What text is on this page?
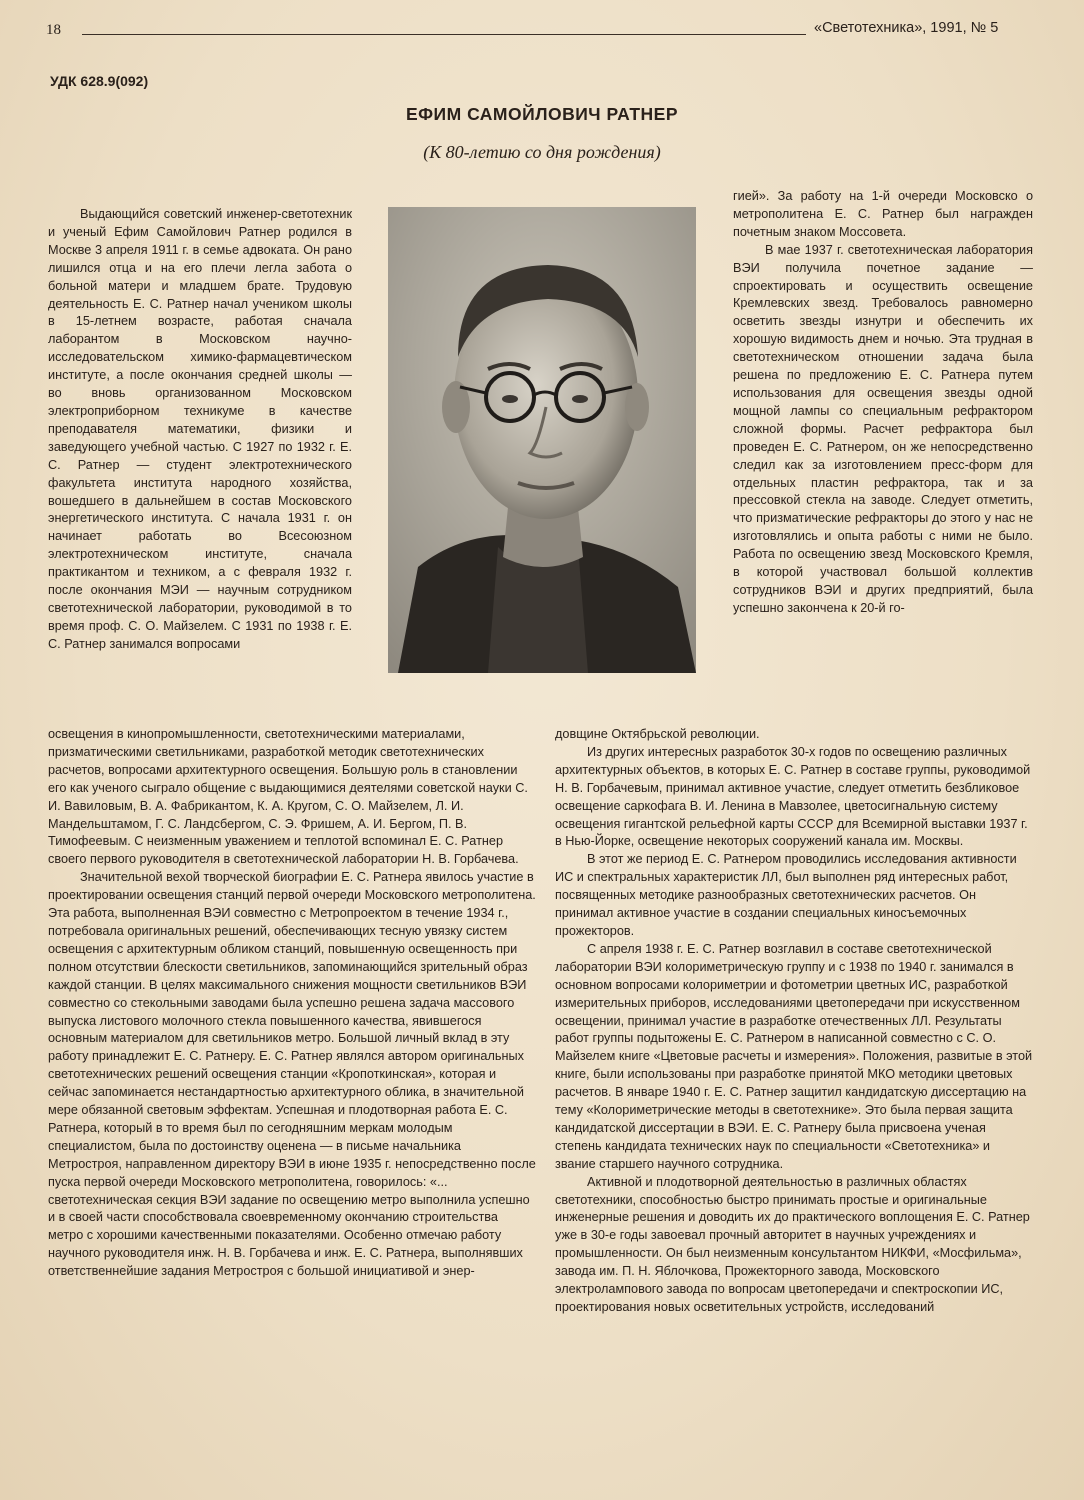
18	«Светотехника», 1991, № 5
УДК 628.9(092)
ЕФИМ САМОЙЛОВИЧ РАТНЕР
(К 80-летию со дня рождения)

Выдающийся советский инженер-светотехник и ученый Ефим Самойлович Ратнер родился в Москве 3 апреля 1911 г. в семье адвоката. Он рано лишился отца и на его плечи легла забота о больной матери и младшем брате. Трудовую деятельность Е. С. Ратнер начал учеником школы в 15-летнем возрасте, работая сначала лаборантом в Московском научно-исследовательском химико-фармацевтическом институте, а после окончания средней школы — во вновь организованном Московском электроприборном техникуме в качестве преподавателя математики, физики и заведующего учебной частью. С 1927 по 1932 г. Е. С. Ратнер — студент электротехнического факультета института народного хозяйства, вошедшего в дальнейшем в состав Московского энергетического института. С начала 1931 г. он начинает работать во Всесоюзном электротехническом институте, сначала практикантом и техником, а с февраля 1932 г. после окончания МЭИ — научным сотрудником светотехнической лаборатории, руководимой в то время проф. С. О. Майзелем. С 1931 по 1938 г. Е. С. Ратнер занимался вопросами

гией». За работу на 1-й очереди Московско о метрополитена Е. С. Ратнер был награжден почетным знаком Моссовета.

В мае 1937 г. светотехническая лаборатория ВЭИ получила почетное задание — спроектировать и осуществить освещение Кремлевских звезд. Требовалось равномерно осветить звезды изнутри и обеспечить их хорошую видимость днем и ночью. Эта трудная в светотехническом отношении задача была решена по предложению Е. С. Ратнера путем использования для освещения звезды одной мощной лампы со специальным рефрактором сложной формы. Расчет рефрактора был проведен Е. С. Ратнером, он же непосредственно следил как за изготовлением пресс-форм для отдельных пластин рефрактора, так и за прессовкой стекла на заводе. Следует отметить, что призматические рефракторы до этого у нас не изготовлялись и опыта работы с ними не было. Работа по освещению звезд Московского Кремля, в которой участвовал большой коллектив сотрудников ВЭИ и других предприятий, была успешно закончена к 20-й го-

освещения в кинопромышленности, светотехническими материалами, призматическими светильниками, разработкой методик светотехнических расчетов, вопросами архитектурного освещения. Большую роль в становлении его как ученого сыграло общение с выдающимися деятелями советской науки С. И. Вавиловым, В. А. Фабрикантом, К. А. Кругом, С. О. Майзелем, Л. И. Мандельштамом, Г. С. Ландсбергом, С. Э. Фришем, А. И. Бергом, П. В. Тимофеевым. С неизменным уважением и теплотой вспоминал Е. С. Ратнер своего первого руководителя в светотехнической лаборатории Н. В. Горбачева.

Значительной вехой творческой биографии Е. С. Ратнера явилось участие в проектировании освещения станций первой очереди Московского метрополитена. Эта работа, выполненная ВЭИ совместно с Метропроектом в течение 1934 г., потребовала оригинальных решений, обеспечивающих тесную увязку систем освещения с архитектурным обликом станций, повышенную освещенность при полном отсутствии блескости светильников, запоминающийся зрительный образ каждой станции. В целях максимального снижения мощности светильников ВЭИ совместно со стекольными заводами была успешно решена задача массового выпуска листового молочного стекла повышенного качества, явившегося основным материалом для светильников метро. Большой личный вклад в эту работу принадлежит Е. С. Ратнеру. Е. С. Ратнер являлся автором оригинальных светотехнических решений освещения станции «Кропоткинская», которая и сейчас запоминается нестандартностью архитектурного облика, в значительной мере обязанной световым эффектам. Успешная и плодотворная работа Е. С. Ратнера, который в то время был по сегодняшним меркам молодым специалистом, была по достоинству оценена — в письме начальника Метростроя, направленном директору ВЭИ в июне 1935 г. непосредственно после пуска первой очереди Московского метрополитена, говорилось: «... светотехническая секция ВЭИ задание по освещению метро выполнила успешно и в своей части способствовала своевременному окончанию строительства метро с хорошими качественными показателями. Особенно отмечаю работу научного руководителя инж. Н. В. Горбачева и инж. Е. С. Ратнера, выполнявших ответственнейшие задания Метростроя с большой инициативой и энер-

довщине Октябрьской революции.

Из других интересных разработок 30-х годов по освещению различных архитектурных объектов, в которых Е. С. Ратнер в составе группы, руководимой Н. В. Горбачевым, принимал активное участие, следует отметить безбликовое освещение саркофага В. И. Ленина в Мавзолее, цветосигнальную систему освещения гигантской рельефной карты СССР для Всемирной выставки 1937 г. в Нью-Йорке, освещение некоторых сооружений канала им. Москвы.

В этот же период Е. С. Ратнером проводились исследования активности ИС и спектральных характеристик ЛЛ, был выполнен ряд интересных работ, посвященных методике разнообразных светотехнических расчетов. Он принимал активное участие в создании специальных киносъемочных прожекторов.

С апреля 1938 г. Е. С. Ратнер возглавил в составе светотехнической лаборатории ВЭИ колориметрическую группу и с 1938 по 1940 г. занимался в основном вопросами колориметрии и фотометрии цветных ИС, разработкой измерительных приборов, исследованиями цветопередачи при искусственном освещении, принимал участие в разработке отечественных ЛЛ. Результаты работ группы подытожены Е. С. Ратнером в написанной совместно с С. О. Майзелем книге «Цветовые расчеты и измерения». Положения, развитые в этой книге, были использованы при разработке принятой МКО методики цветовых расчетов. В январе 1940 г. Е. С. Ратнер защитил кандидатскую диссертацию на тему «Колориметрические методы в светотехнике». Это была первая защита кандидатской диссертации в ВЭИ. Е. С. Ратнеру была присвоена ученая степень кандидата технических наук по специальности «Светотехника» и звание старшего научного сотрудника.

Активной и плодотворной деятельностью в различных областях светотехники, способностью быстро принимать простые и оригинальные инженерные решения и доводить их до практического воплощения Е. С. Ратнер уже в 30-е годы завоевал прочный авторитет в научных учреждениях и промышленности. Он был неизменным консультантом НИКФИ, «Мосфильма», завода им. П. Н. Яблочкова, Прожекторного завода, Московского электролампового завода по вопросам цветопередачи и спектроскопии ИС, проектирования новых осветительных устройств, исследований
